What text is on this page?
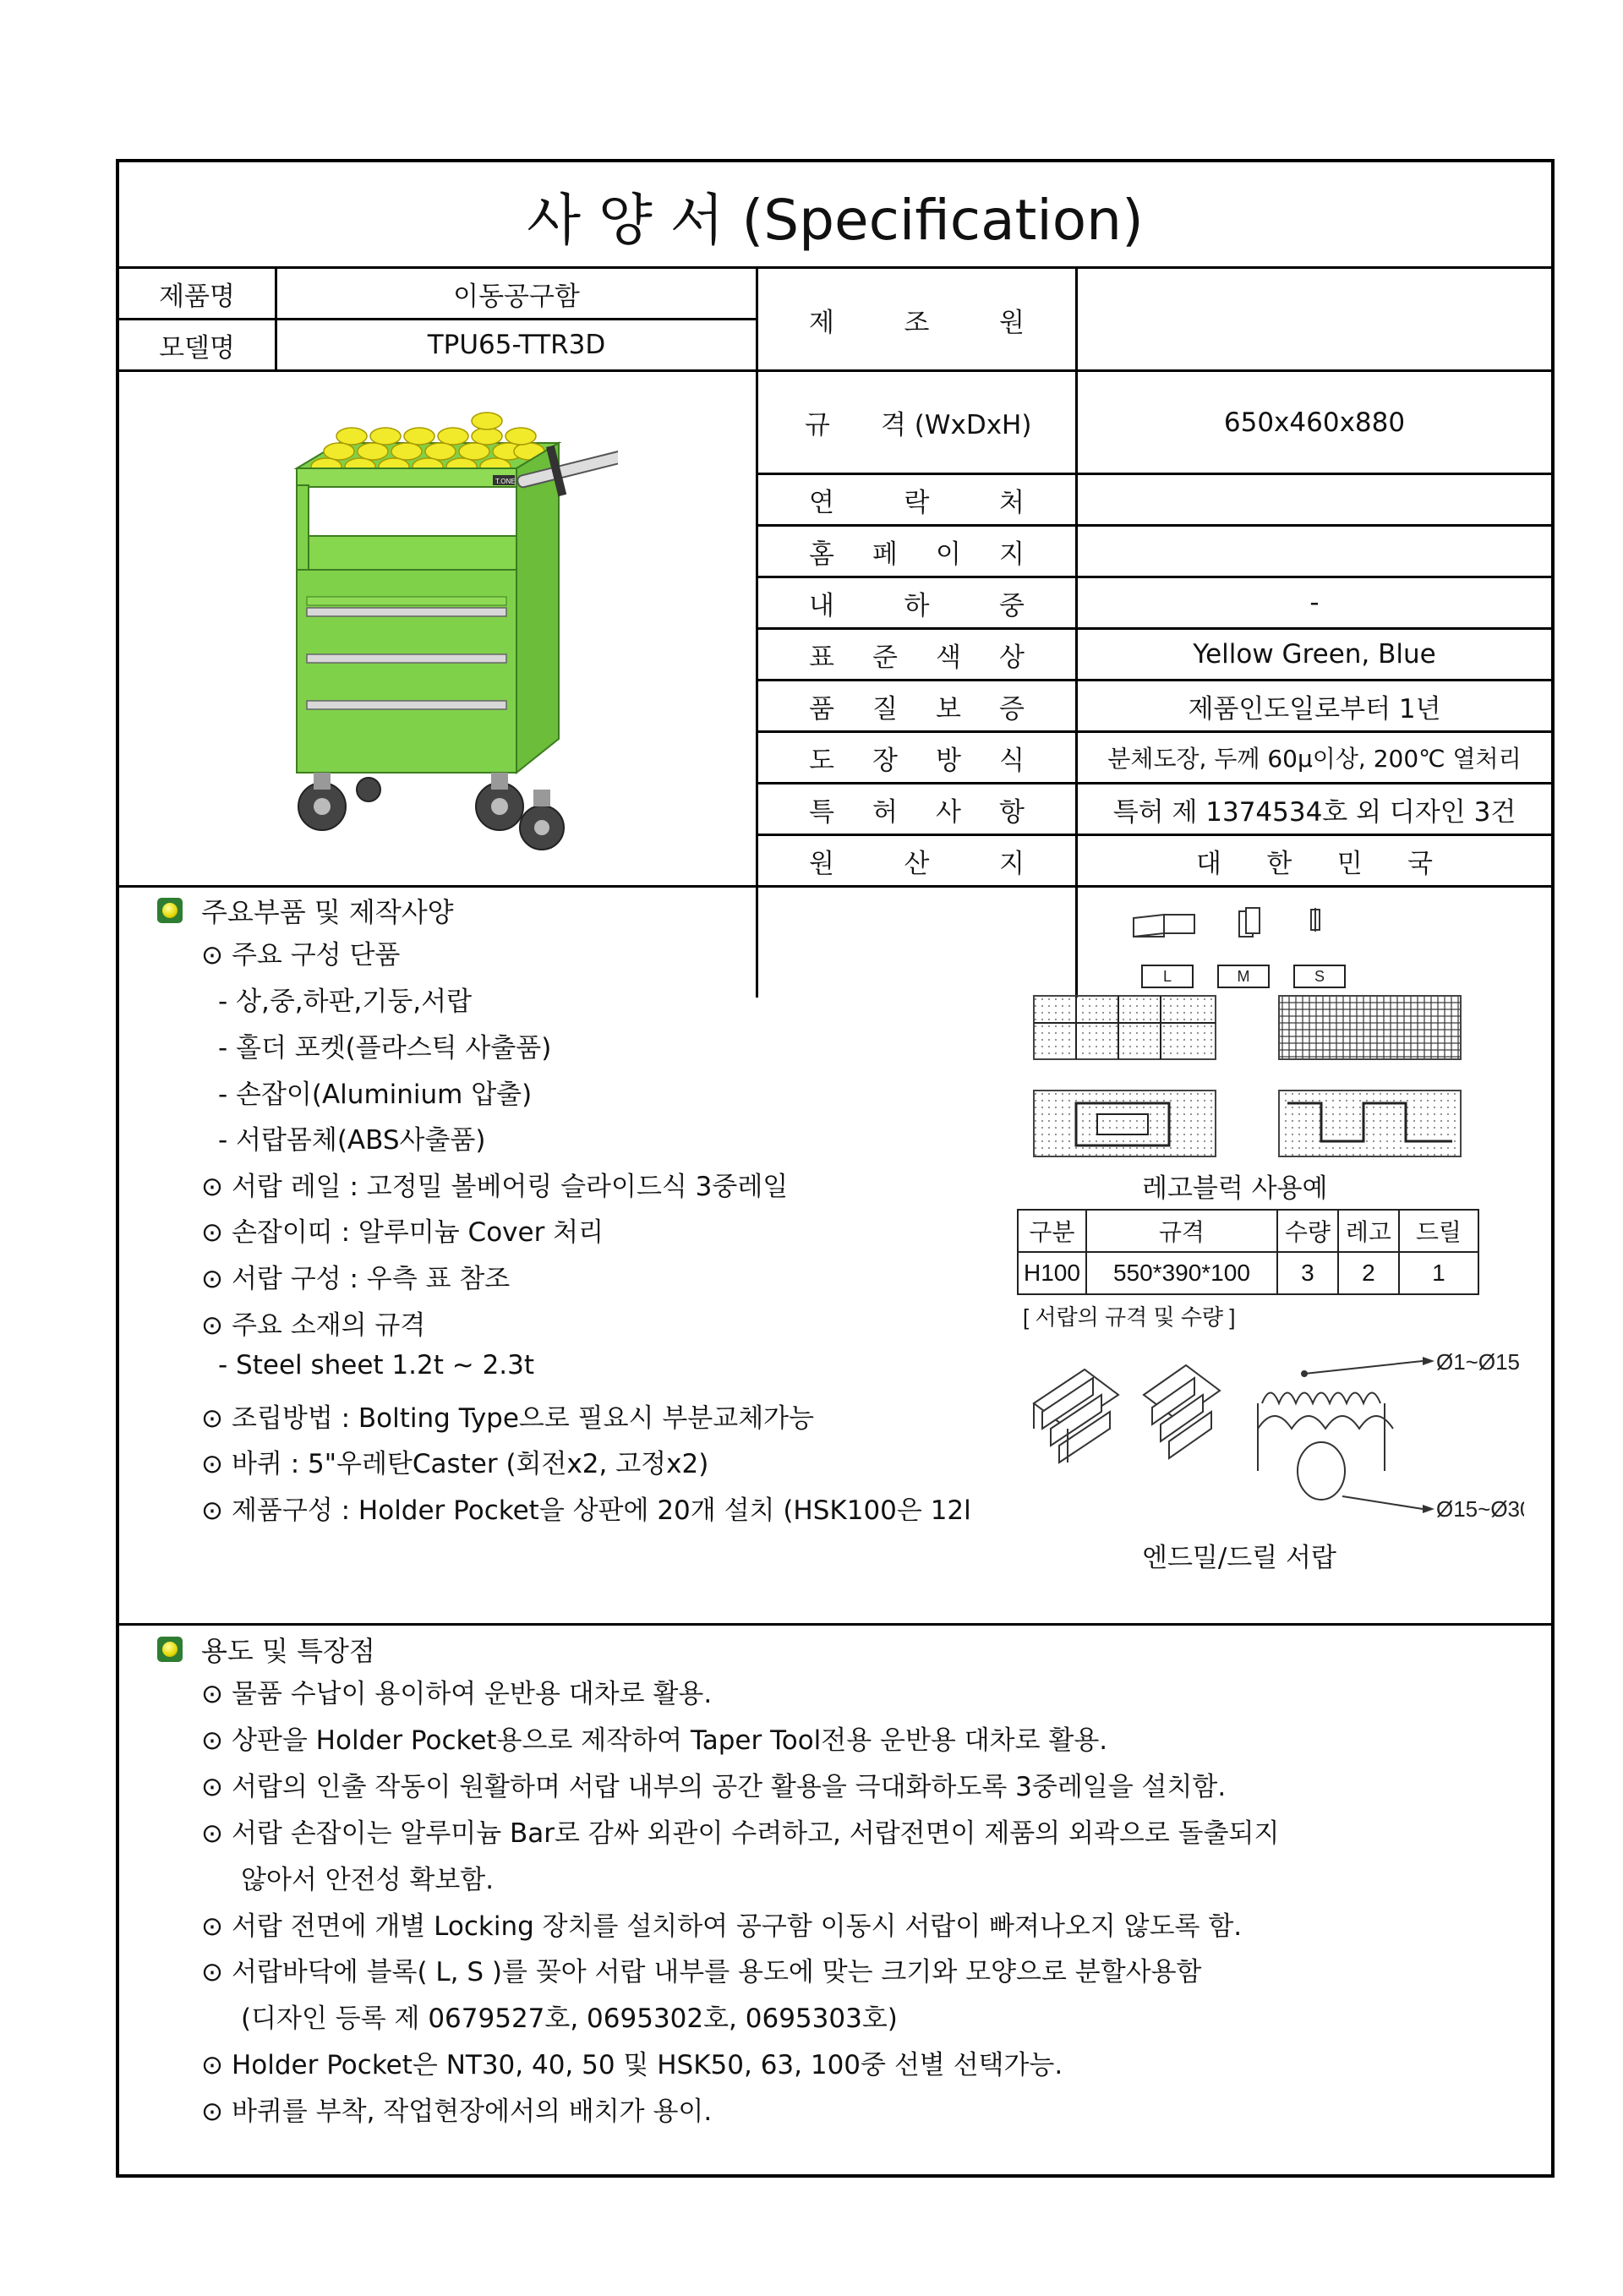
사 양 서 (Specification)
제품명	이동공구함
모델명	TPU65-TTR3D
제	조	원
T.ONE
규 격 (WxDxH)	650x460x880
연	락	처
홈 페 이 지
내	하	중	-
표 준 색 상	Yellow Green, Blue
품 질 보 증	제품인도일로부터 1년
도 장 방 식	분체도장, 두께 60μ이상, 200℃ 열처리
특 허 사 항	특허 제 1374534호 외 디자인 3건
원	산	지	대 한 민 국
주요부품 및 제작사양
⊙ 주요 구성 단품
- 상,중,하판,기둥,서랍
- 홀더 포켓(플라스틱 사출품)
- 손잡이(Aluminium 압출)
- 서랍몸체(ABS사출품)
⊙ 서랍 레일 : 고정밀 볼베어링 슬라이드식 3중레일
⊙ 손잡이띠 : 알루미늄 Cover 처리
⊙ 서랍 구성 : 우측 표 참조
⊙ 주요 소재의 규격
- Steel sheet 1.2t ~ 2.3t
⊙ 조립방법 : Bolting Type으로 필요시 부분교체가능
⊙ 바퀴 : 5"우레탄Caster (회전x2, 고정x2)
⊙ 제품구성 : Holder Pocket을 상판에 20개 설치 (HSK100은 12l
L	M	S
레고블럭 사용예
구분	규격	수량	레고	드릴
H100	550*390*100	3	2	1
[ 서랍의 규격 및 수량 ]				
Ø1~Ø15
Ø15~Ø30
엔드밀/드릴 서랍
용도 및 특장점
⊙ 물품 수납이 용이하여 운반용 대차로 활용.
⊙ 상판을 Holder Pocket용으로 제작하여 Taper Tool전용 운반용 대차로 활용.
⊙ 서랍의 인출 작동이 원활하며 서랍 내부의 공간 활용을 극대화하도록 3중레일을 설치함.
⊙ 서랍 손잡이는 알루미늄 Bar로 감싸 외관이 수려하고, 서랍전면이 제품의 외곽으로 돌출되지
않아서 안전성 확보함.
⊙ 서랍 전면에 개별 Locking 장치를 설치하여 공구함 이동시 서랍이 빠져나오지 않도록 함.
⊙ 서랍바닥에 블록( L, S )를 꽂아 서랍 내부를 용도에 맞는 크기와 모양으로 분할사용함
(디자인 등록 제 0679527호, 0695302호, 0695303호)
⊙ Holder Pocket은 NT30, 40, 50 및 HSK50, 63, 100중 선별 선택가능.
⊙ 바퀴를 부착, 작업현장에서의 배치가 용이.
